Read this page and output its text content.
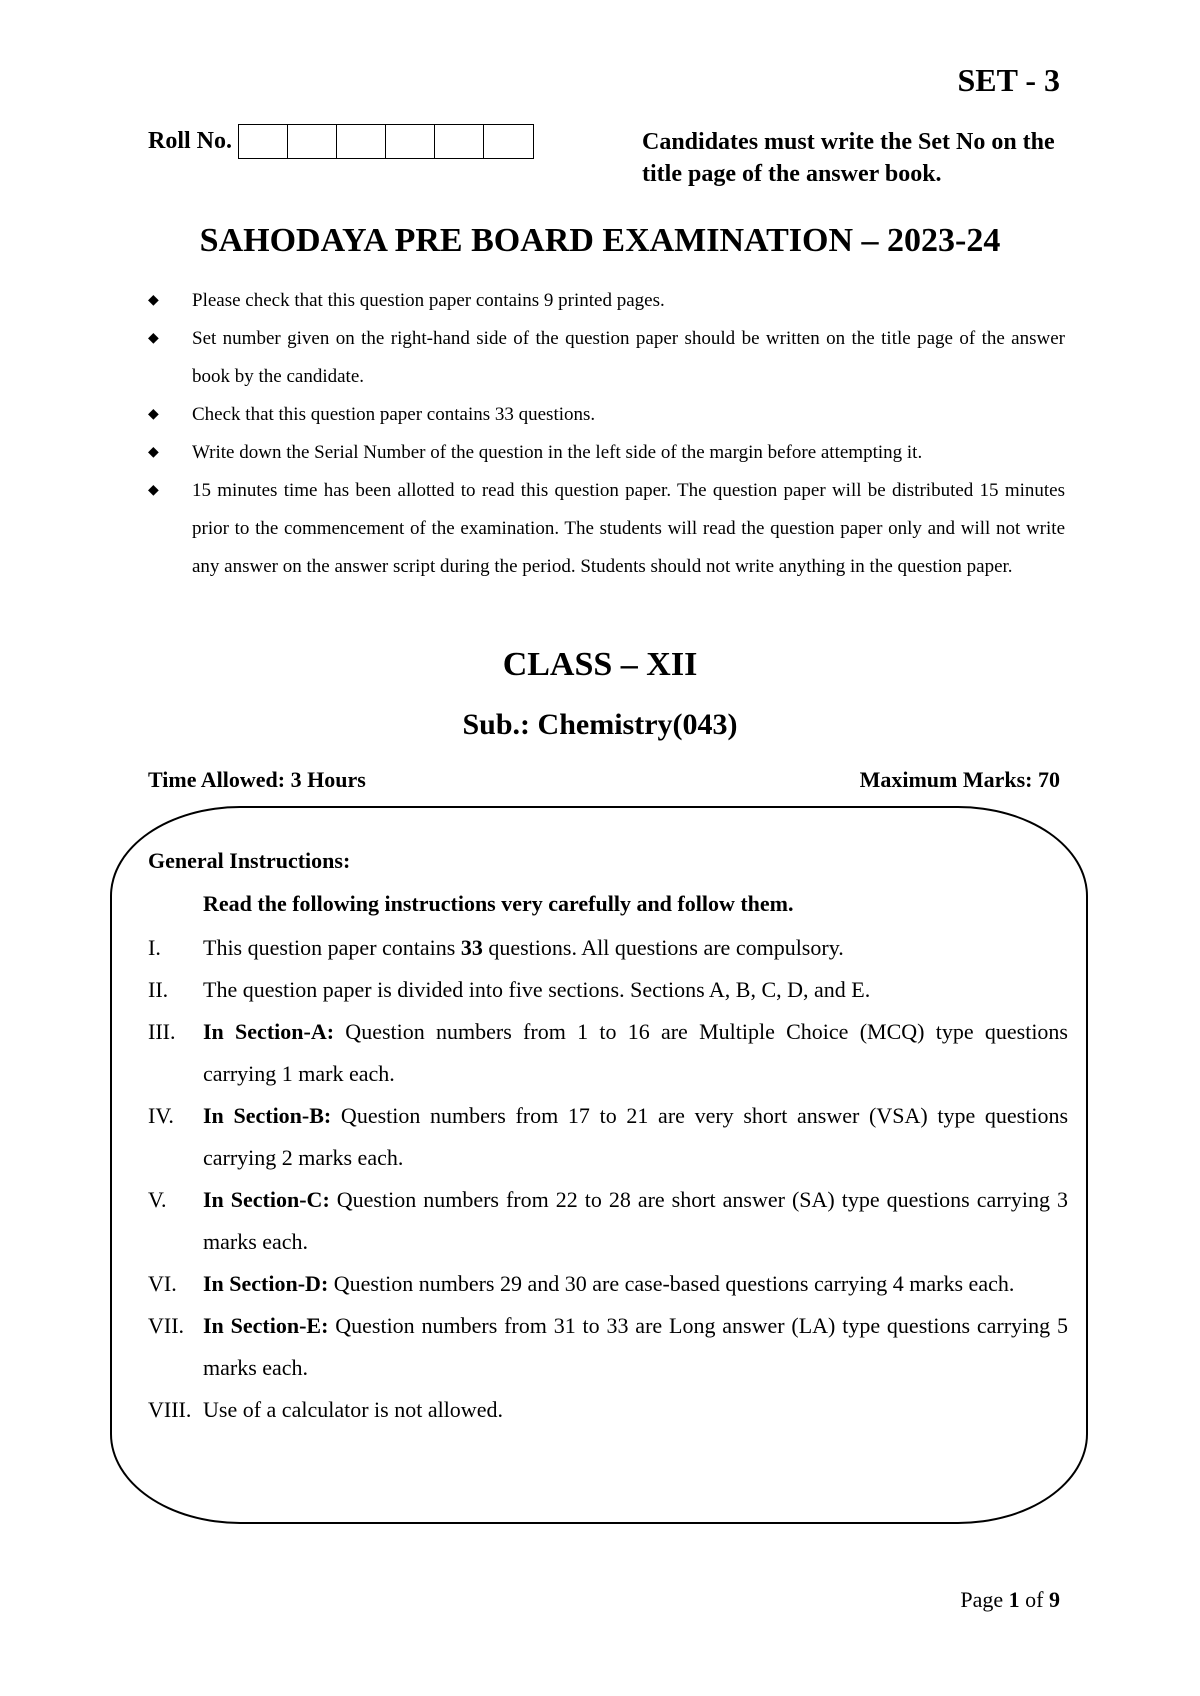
SET - 3
Roll No.	Candidates must write the Set No on the title page of the answer book.
SAHODAYA PRE BOARD EXAMINATION – 2023-24
◆ Please check that this question paper contains 9 printed pages.
◆ Set number given on the right-hand side of the question paper should be written on the title page of the answer book by the candidate.
◆ Check that this question paper contains 33 questions.
◆ Write down the Serial Number of the question in the left side of the margin before attempting it.
◆ 15 minutes time has been allotted to read this question paper. The question paper will be distributed 15 minutes prior to the commencement of the examination. The students will read the question paper only and will not write any answer on the answer script during the period. Students should not write anything in the question paper.
CLASS – XII
Sub.: Chemistry(043)
Time Allowed: 3 Hours	Maximum Marks: 70
General Instructions:
Read the following instructions very carefully and follow them.
I. This question paper contains 33 questions. All questions are compulsory.
II. The question paper is divided into five sections. Sections A, B, C, D, and E.
III. In Section-A: Question numbers from 1 to 16 are Multiple Choice (MCQ) type questions carrying 1 mark each.
IV. In Section-B: Question numbers from 17 to 21 are very short answer (VSA) type questions carrying 2 marks each.
V. In Section-C: Question numbers from 22 to 28 are short answer (SA) type questions carrying 3 marks each.
VI. In Section-D: Question numbers 29 and 30 are case-based questions carrying 4 marks each.
VII. In Section-E: Question numbers from 31 to 33 are Long answer (LA) type questions carrying 5 marks each.
VIII. Use of a calculator is not allowed.
Page 1 of 9
